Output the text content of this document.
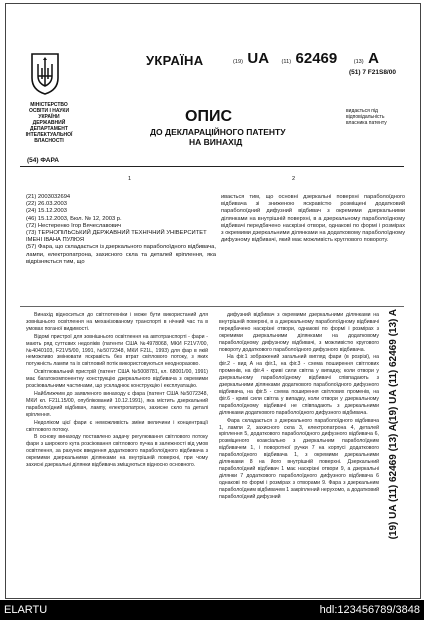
УКРАЇНА	(19) UA (11) 62469	(13) A
(51) 7 F21S8/00
МІНІСТЕРСТВО ОСВІТИ І НАУКИ УКРАЇНИ
ДЕРЖАВНИЙ ДЕПАРТАМЕНТ ІНТЕЛЕКТУАЛЬНОЇ ВЛАСНОСТІ
ОПИС
ДО ДЕКЛАРАЦІЙНОГО ПАТЕНТУ
НА ВИНАХІД
видається під відповідальність власника патенту
(54) ФАРА
1	2
(21) 2003032694
(22) 26.03.2003
(24) 15.12.2003
(46) 15.12.2003, Бюл. № 12, 2003 р.
(72) Нестеренко Ігор Вячеславович
(73) ТЕРНОПІЛЬСЬКИЙ ДЕРЖАВНИЙ ТЕХНІЧНИЙ УНІВЕРСИТЕТ ІМЕНІ ІВАНА ПУЛЮЯ
(57) Фара, що складається із дзеркального параболоїдного відбивача, лампи, електропатрона, захисного скла та деталей кріплення, яка відрізняється тим, що
ивається тим, що основні дзеркальні поверхні параболоїдного відбивача зі зниженою яскравістю розміщені додатковий параболоїдний дифузний відбивач з окремими дзеркальними ділянками на внутрішній поверхні, в а дзеркальному параболоїдному відбивачі передбачено наскрізні отвори, однакові по формі і розмірах з окремими дзеркальними ділянками на додатковому параболоїдному дифузному відбивачі, який має можливість круглового повороту.

Винахід відноситься до світлотехніки і може бути використаний для зовнішнього освітлення на механізованому транспорті в нічний час та в умовах поганої видимості.

Відомі пристрої для зовнішнього освітлення на автотранспорті - фари - мають ряд суттєвих недоліків (патенти США №4978068, МКИ F21V7/00, №4040103, F21V5/00, 1991, №5072348, МКИ F21L, 1993) для фар в якій неможливо змінювати яскравість без втрат світлового потоку, з яких потужність лампи та іх світловий потік використовуються неодноразово.

Освітлювальний пристрій (патент США №5008781, кл. 68001/00, 1991) має багатокомпонентну конструкцію дзеркального відбивача з окремими розсіювальними частинами, що ускладнює конструкцію і експлуатацію.

Найближчим до заявленого винаходу є фара (патент США №5072348, МКИ кл. F21L15/00, опублікований 10.12.1991), яка містить дзеркальний параболоїдний відбивач, лампу, електропатрон, захисне скло та деталі кріплення.

Недоліком цієї фари є неможливість зміни величини і концентрації світлового потоку.

В основу винаходу поставлено задачу регулювання світлового потоку фари з широкого кута розсіювання світлового пучка в залежності від умов освітлення, за рахунок введення додаткового параболоїдного відбивача з окремими дзеркальними ділянками на внутрішній поверхні, при чому захисні дзеркальні ділянки відбивача зміщуються відносно основного.

дифузний відбивач з окремими дзеркальними ділянками на внутрішній поверхні, в а дзеркальному параболоїдному відбивачі передбачено наскрізні отвори, однакові по формі і розмірах з окремими дзеркальними ділянками на додатковому параболоїдному дифузному відбивачі, з можливістю кругового повороту додаткового параболоїдного дифузного відбивача.

На фіг.1 зображений загальний вигляд фари (в розрізі), на фіг.2 - вид А на фіг.1, на фіг.3 - схема поширення світлових променів, на фіг.4 - криві сили світла у випадку, коли отвори у дзеркальному параболоїдному відбивачі співпадають з дзеркальними ділянками додаткового параболоїдного дифузного відбивача, на фіг.5 - схема поширення світлових променів, на фіг.6 - криві сили світла у випадку, коли отвори у дзеркальному параболоїдному відбивачі не співпадають з дзеркальними ділянками додаткового параболоїдного дифузного відбивача.

Фара складається з дзеркального параболоїдного відбивача 1, лампи 2, захисного скла 3, електропатрона 4, деталей кріплення 5, додаткового параболоїдного дифузного відбивача 6, розміщеного коаксіально з дзеркальним параболоїдним відбивачем 1, і поворотної ручки 7 на корпусі додаткового параболоїдного відбивача 1, з окремими дзеркальними ділянками 8 на його внутрішній поверхні. Дзеркальний параболоїдний відбивач 1 має наскрізні отвори 9, а дзеркальні ділянки 7 додаткового параболоїдного дифузного відбивача 6 однакові по формі і розмірах з отворами 9. Фара з дзеркальним параболоїдним відбивачем 1 закріплений нерухомо, а додатковий параболоїдний дифузний

(19) UA (11) 62469 (13) A
(19) UA (11) 62469 (13) A
ELARTU	hdl:123456789/3848
